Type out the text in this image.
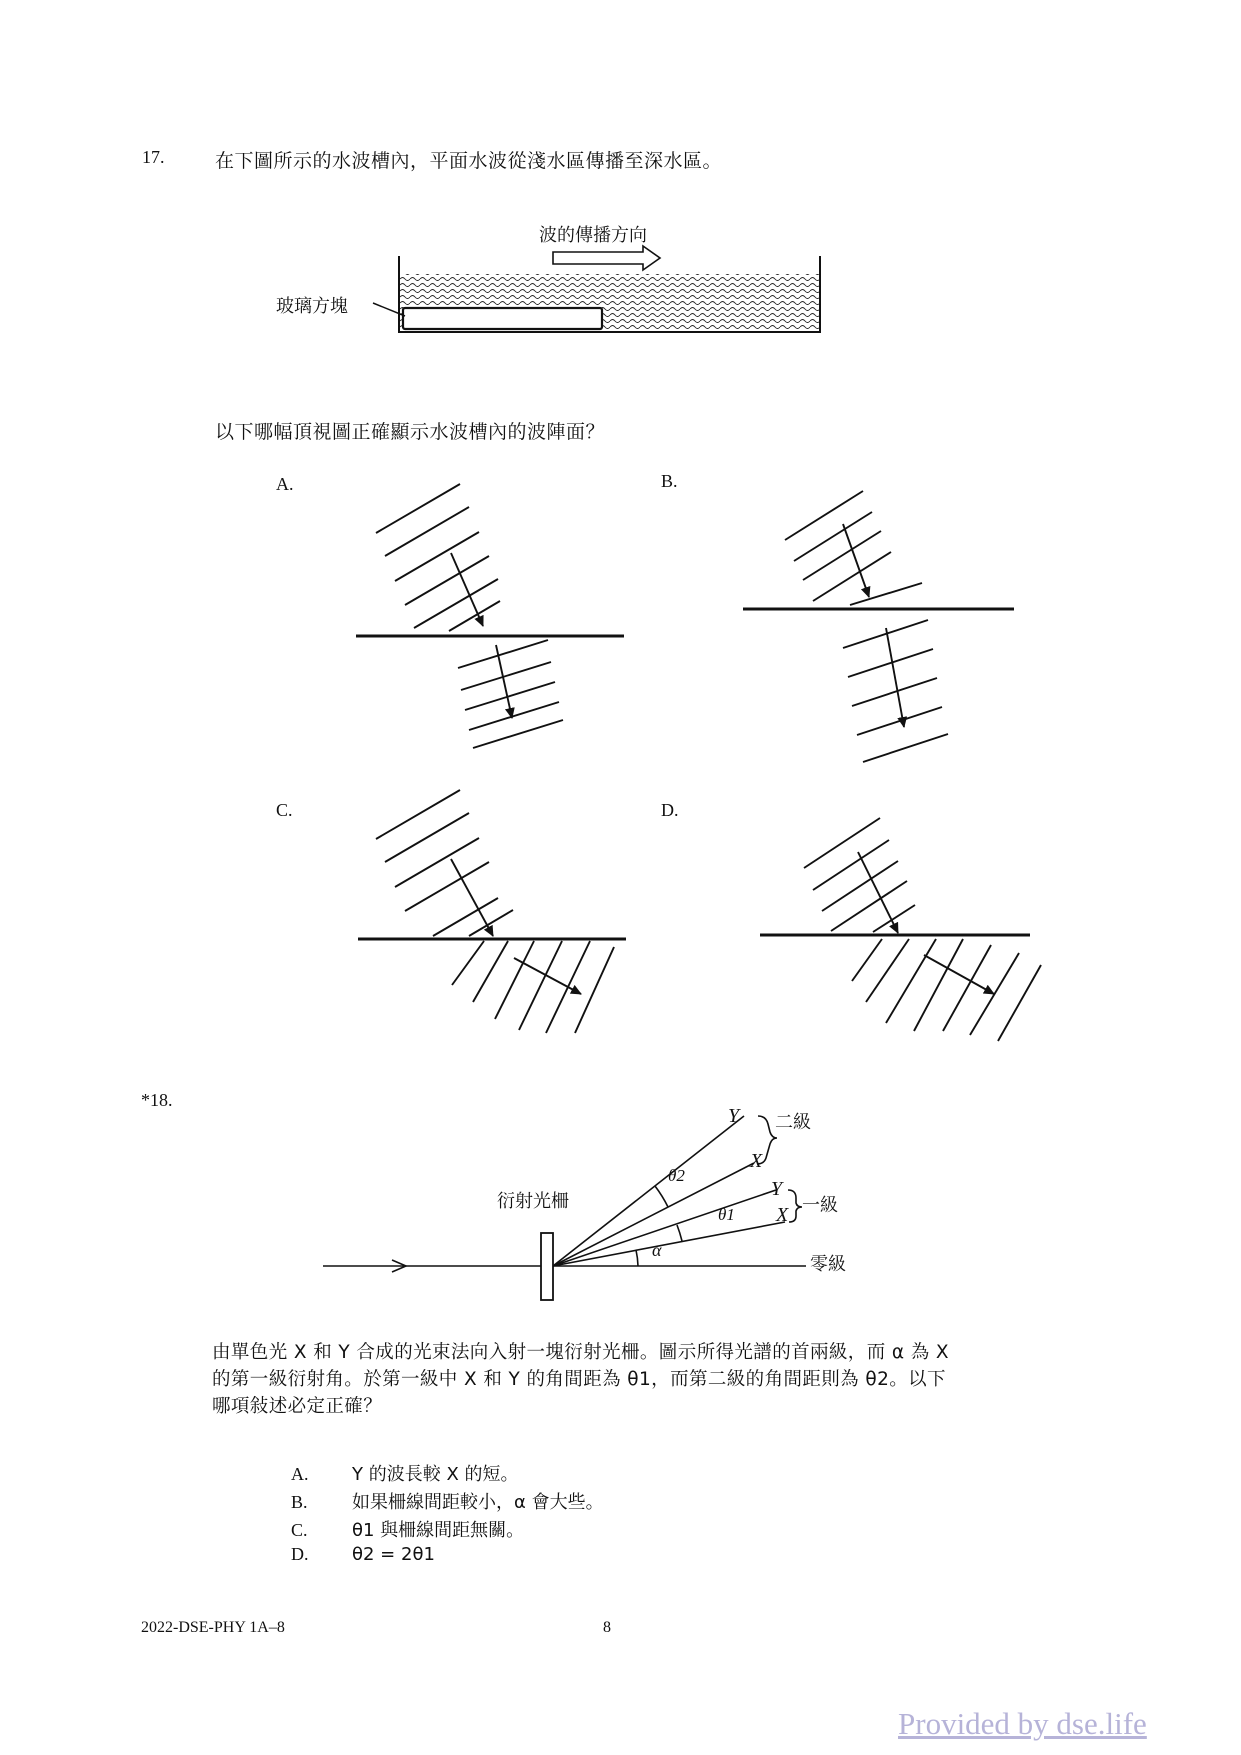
17.	在下圖所示的水波槽內，平面水波從淺水區傳播至深水區。
波的傳播方向
玻璃方塊
以下哪幅頂視圖正確顯示水波槽內的波陣面？
A.	B.
C.	D.
*18.
衍射光柵
二級
一級
零級
Y
X
Y
X
θ2
θ1
α
由單色光 X 和 Y 合成的光束法向入射一塊衍射光柵。圖示所得光譜的首兩級，而 α 為 X
的第一級衍射角。於第一級中 X 和 Y 的角間距為 θ1，而第二級的角間距則為 θ2。以下
哪項敍述必定正確？
A. Y 的波長較 X 的短。
B. 如果柵線間距較小，α 會大些。
C. θ1 與柵線間距無關。
D. θ2 = 2θ1
2022-DSE-PHY 1A–8	8
Provided by dse.life
